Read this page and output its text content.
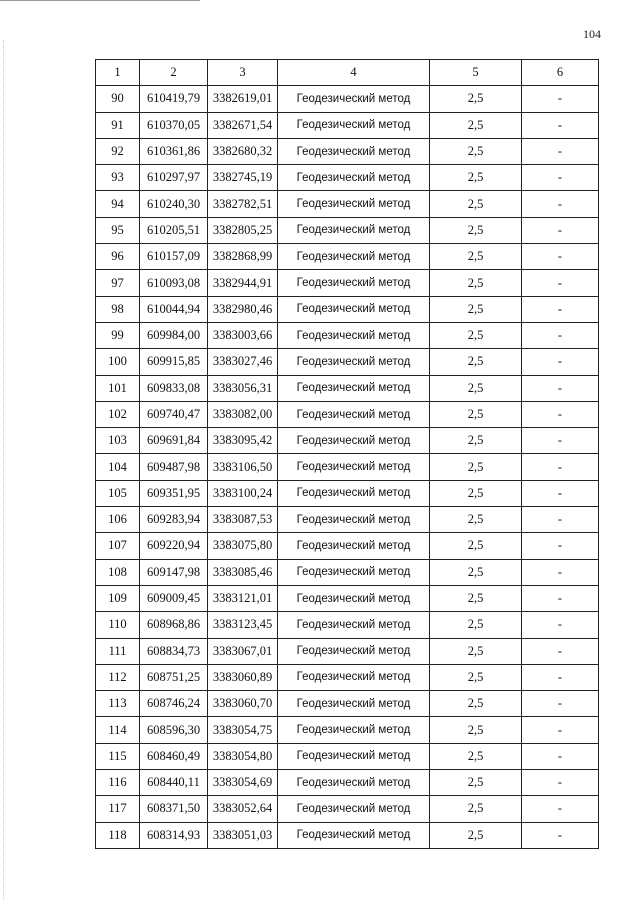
104
1	2	3	4	5	6
90	610419,79	3382619,01	Геодезический метод	2,5	-
91	610370,05	3382671,54	Геодезический метод	2,5	-
92	610361,86	3382680,32	Геодезический метод	2,5	-
93	610297,97	3382745,19	Геодезический метод	2,5	-
94	610240,30	3382782,51	Геодезический метод	2,5	-
95	610205,51	3382805,25	Геодезический метод	2,5	-
96	610157,09	3382868,99	Геодезический метод	2,5	-
97	610093,08	3382944,91	Геодезический метод	2,5	-
98	610044,94	3382980,46	Геодезический метод	2,5	-
99	609984,00	3383003,66	Геодезический метод	2,5	-
100	609915,85	3383027,46	Геодезический метод	2,5	-
101	609833,08	3383056,31	Геодезический метод	2,5	-
102	609740,47	3383082,00	Геодезический метод	2,5	-
103	609691,84	3383095,42	Геодезический метод	2,5	-
104	609487,98	3383106,50	Геодезический метод	2,5	-
105	609351,95	3383100,24	Геодезический метод	2,5	-
106	609283,94	3383087,53	Геодезический метод	2,5	-
107	609220,94	3383075,80	Геодезический метод	2,5	-
108	609147,98	3383085,46	Геодезический метод	2,5	-
109	609009,45	3383121,01	Геодезический метод	2,5	-
110	608968,86	3383123,45	Геодезический метод	2,5	-
111	608834,73	3383067,01	Геодезический метод	2,5	-
112	608751,25	3383060,89	Геодезический метод	2,5	-
113	608746,24	3383060,70	Геодезический метод	2,5	-
114	608596,30	3383054,75	Геодезический метод	2,5	-
115	608460,49	3383054,80	Геодезический метод	2,5	-
116	608440,11	3383054,69	Геодезический метод	2,5	-
117	608371,50	3383052,64	Геодезический метод	2,5	-
118	608314,93	3383051,03	Геодезический метод	2,5	-
